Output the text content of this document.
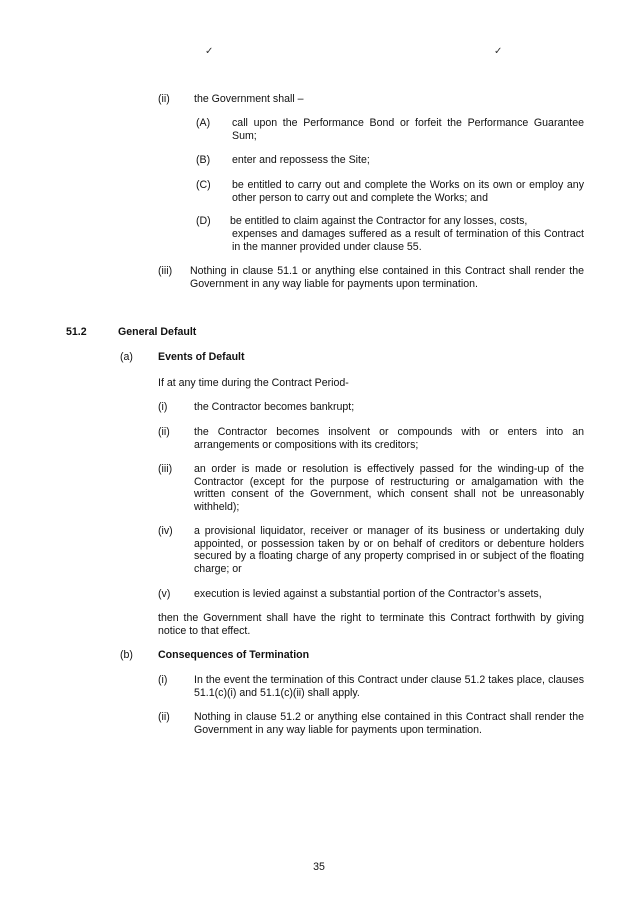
✓	✓
(ii) the Government shall –
(A) call upon the Performance Bond or forfeit the Performance Guarantee Sum;
(B) enter and repossess the Site;
(C) be entitled to carry out and complete the Works on its own or employ any other person to carry out and complete the Works; and
(D) be entitled to claim against the Contractor for any losses, costs,
expenses and damages suffered as a result of termination of this Contract in the manner provided under clause 55.
(iii) Nothing in clause 51.1 or anything else contained in this Contract shall render the Government in any way liable for payments upon termination.
51.2	General Default
(a) Events of Default
If at any time during the Contract Period-
(i)	the Contractor becomes bankrupt;
(ii) the Contractor becomes insolvent or compounds with or enters into an arrangements or compositions with its creditors;
(iii) an order is made or resolution is effectively passed for the winding-up of the Contractor (except for the purpose of restructuring or amalgamation with the written consent of the Government, which consent shall not be unreasonably withheld);
(iv) a provisional liquidator, receiver or manager of its business or undertaking duly appointed, or possession taken by or on behalf of creditors or debenture holders secured by a floating charge of any property comprised in or subject of the floating charge; or
(v) execution is levied against a substantial portion of the Contractor’s assets,
then the Government shall have the right to terminate this Contract forthwith by giving notice to that effect.
(b) Consequences of Termination
(i)	In the event the termination of this Contract under clause 51.2 takes place, clauses 51.1(c)(i) and 51.1(c)(ii) shall apply.
(ii) Nothing in clause 51.2 or anything else contained in this Contract shall render the Government in any way liable for payments upon termination.
35
